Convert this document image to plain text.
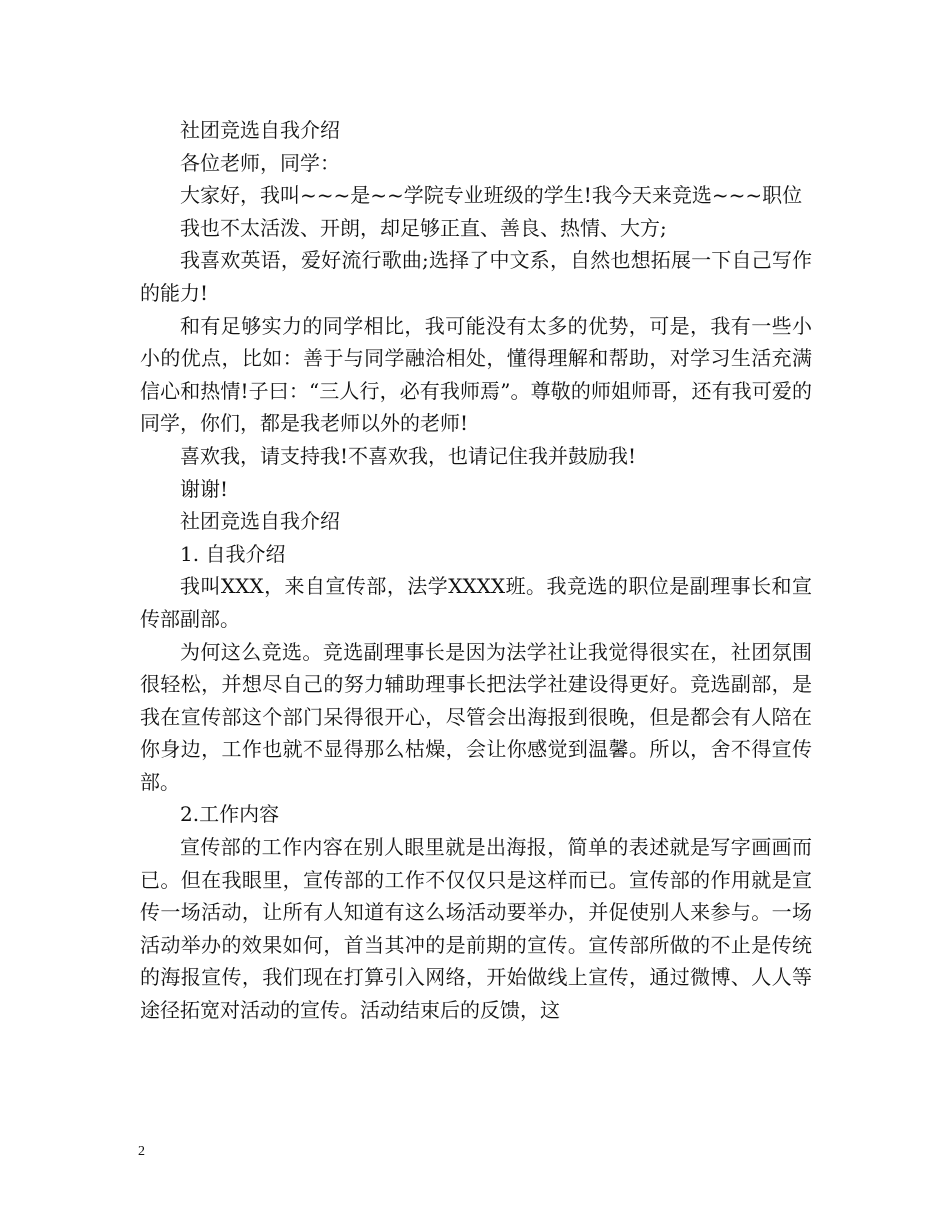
社团竞选自我介绍

各位老师，同学：

大家好，我叫~~~是~~学院专业班级的学生!我今天来竞选~~~职位

我也不太活泼、开朗，却足够正直、善良、热情、大方;

我喜欢英语，爱好流行歌曲;选择了中文系，自然也想拓展一下自己写作的能力!

和有足够实力的同学相比，我可能没有太多的优势，可是，我有一些小小的优点，比如：善于与同学融洽相处，懂得理解和帮助，对学习生活充满信心和热情!子曰：“三人行，必有我师焉”。尊敬的师姐师哥，还有我可爱的同学，你们，都是我老师以外的老师!

喜欢我，请支持我!不喜欢我，也请记住我并鼓励我!

谢谢!

社团竞选自我介绍

1. 自我介绍

我叫XXX，来自宣传部，法学XXXX班。我竞选的职位是副理事长和宣传部副部。

为何这么竞选。竞选副理事长是因为法学社让我觉得很实在，社团氛围很轻松，并想尽自己的努力辅助理事长把法学社建设得更好。竞选副部，是我在宣传部这个部门呆得很开心，尽管会出海报到很晚，但是都会有人陪在你身边，工作也就不显得那么枯燥，会让你感觉到温馨。所以，舍不得宣传部。

2.工作内容

宣传部的工作内容在别人眼里就是出海报，简单的表述就是写字画画而已。但在我眼里，宣传部的工作不仅仅只是这样而已。宣传部的作用就是宣传一场活动，让所有人知道有这么场活动要举办，并促使别人来参与。一场活动举办的效果如何，首当其冲的是前期的宣传。宣传部所做的不止是传统的海报宣传，我们现在打算引入网络，开始做线上宣传，通过微博、人人等途径拓宽对活动的宣传。活动结束后的反馈，这

2
